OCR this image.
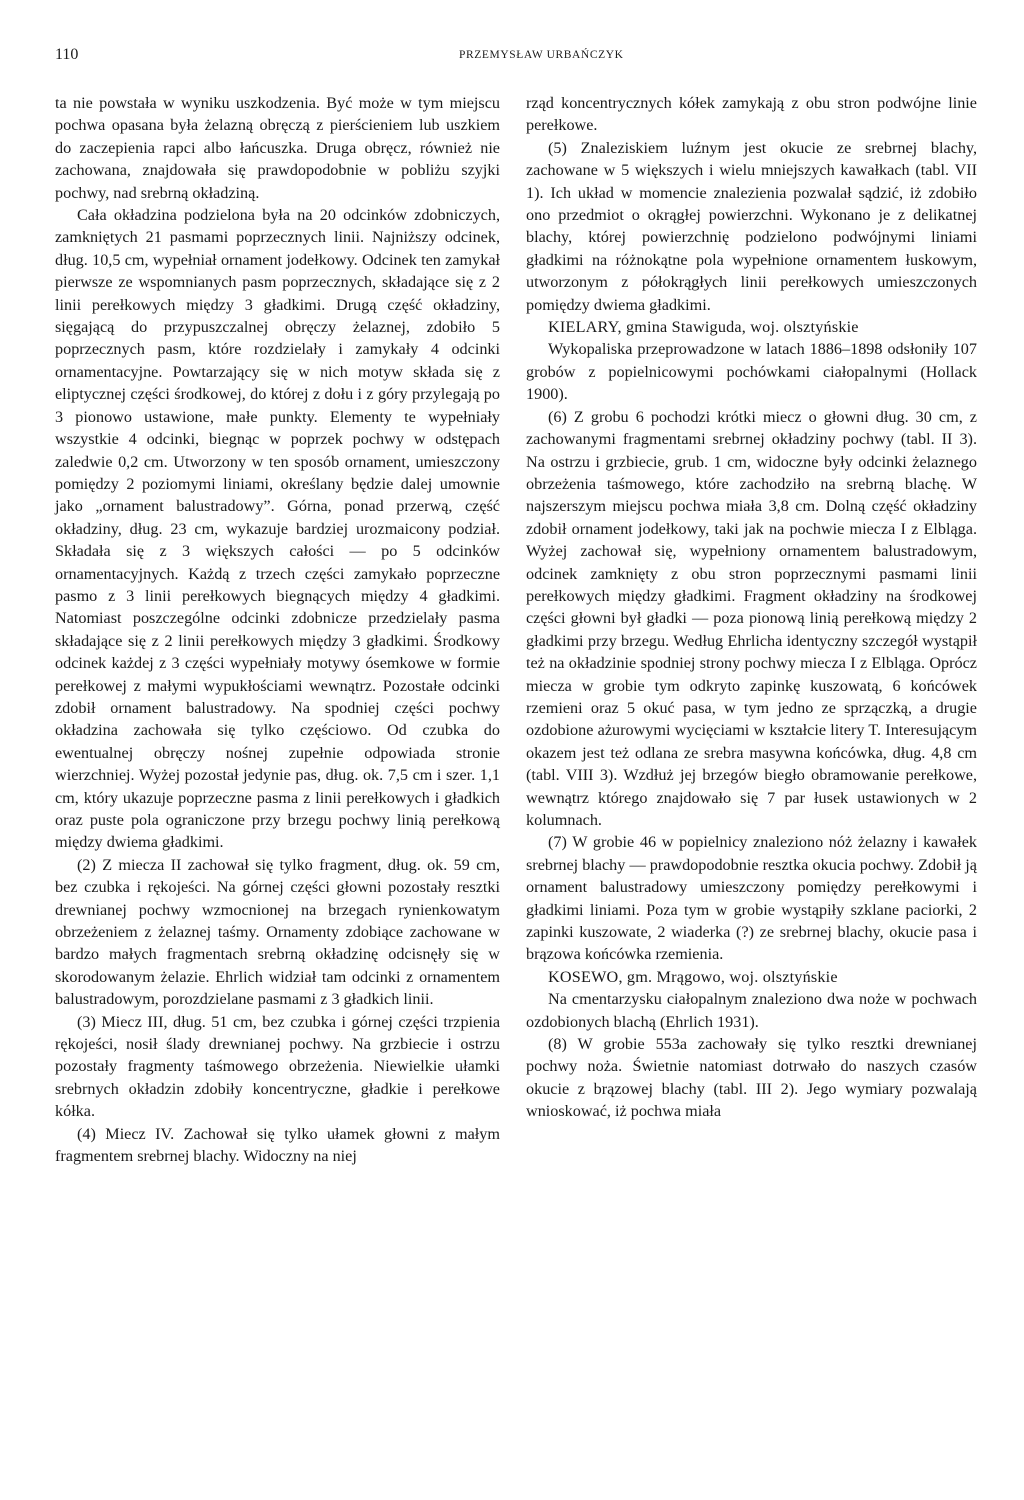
110	PRZEMYSŁAW URBAŃCZYK

ta nie powstała w wyniku uszkodzenia. Być może w tym miejscu pochwa opasana była żelazną obręczą z pierścieniem lub uszkiem do zaczepienia rapci albo łańcuszka. Druga obręcz, również nie zachowana, znajdowała się prawdopodobnie w pobliżu szyjki pochwy, nad srebrną okładziną.

Cała okładzina podzielona była na 20 odcinków zdobniczych, zamkniętych 21 pasmami poprzecznych linii. Najniższy odcinek, dług. 10,5 cm, wypełniał ornament jodełkowy. Odcinek ten zamykał pierwsze ze wspomnianych pasm poprzecznych, składające się z 2 linii perełkowych między 3 gładkimi. Drugą część okładziny, sięgającą do przypuszczalnej obręczy żelaznej, zdobiło 5 poprzecznych pasm, które rozdzielały i zamykały 4 odcinki ornamentacyjne. Powtarzający się w nich motyw składa się z eliptycznej części środkowej, do której z dołu i z góry przylegają po 3 pionowo ustawione, małe punkty. Elementy te wypełniały wszystkie 4 odcinki, biegnąc w poprzek pochwy w odstępach zaledwie 0,2 cm. Utworzony w ten sposób ornament, umieszczony pomiędzy 2 poziomymi liniami, określany będzie dalej umownie jako „ornament balustradowy”. Górna, ponad przerwą, część okładziny, dług. 23 cm, wykazuje bardziej urozmaicony podział. Składała się z 3 większych całości — po 5 odcinków ornamentacyjnych. Każdą z trzech części zamykało poprzeczne pasmo z 3 linii perełkowych biegnących między 4 gładkimi. Natomiast poszczególne odcinki zdobnicze przedzielały pasma składające się z 2 linii perełkowych między 3 gładkimi. Środkowy odcinek każdej z 3 części wypełniały motywy ósemkowe w formie perełkowej z małymi wypukłościami wewnątrz. Pozostałe odcinki zdobił ornament balustradowy. Na spodniej części pochwy okładzina zachowała się tylko częściowo. Od czubka do ewentualnej obręczy nośnej zupełnie odpowiada stronie wierzchniej. Wyżej pozostał jedynie pas, dług. ok. 7,5 cm i szer. 1,1 cm, który ukazuje poprzeczne pasma z linii perełkowych i gładkich oraz puste pola ograniczone przy brzegu pochwy linią perełkową między dwiema gładkimi.

(2) Z miecza II zachował się tylko fragment, dług. ok. 59 cm, bez czubka i rękojeści. Na górnej części głowni pozostały resztki drewnianej pochwy wzmocnionej na brzegach rynienkowatym obrzeżeniem z żelaznej taśmy. Ornamenty zdobiące zachowane w bardzo małych fragmentach srebrną okładzinę odcisnęły się w skorodowanym żelazie. Ehrlich widział tam odcinki z ornamentem balustradowym, porozdzielane pasmami z 3 gładkich linii.

(3) Miecz III, dług. 51 cm, bez czubka i górnej części trzpienia rękojeści, nosił ślady drewnianej pochwy. Na grzbiecie i ostrzu pozostały fragmenty taśmowego obrzeżenia. Niewielkie ułamki srebrnych okładzin zdobiły koncentryczne, gładkie i perełkowe kółka.

(4) Miecz IV. Zachował się tylko ułamek głowni z małym fragmentem srebrnej blachy. Widoczny na niej

rząd koncentrycznych kółek zamykają z obu stron podwójne linie perełkowe.

(5) Znaleziskiem luźnym jest okucie ze srebrnej blachy, zachowane w 5 większych i wielu mniejszych kawałkach (tabl. VII 1). Ich układ w momencie znalezienia pozwalał sądzić, iż zdobiło ono przedmiot o okrągłej powierzchni. Wykonano je z delikatnej blachy, której powierzchnię podzielono podwójnymi liniami gładkimi na różnokątne pola wypełnione ornamentem łuskowym, utworzonym z półokrągłych linii perełkowych umieszczonych pomiędzy dwiema gładkimi.

KIELARY, gmina Stawiguda, woj. olsztyńskie

Wykopaliska przeprowadzone w latach 1886–1898 odsłoniły 107 grobów z popielnicowymi pochówkami ciałopalnymi (Hollack 1900).

(6) Z grobu 6 pochodzi krótki miecz o głowni dług. 30 cm, z zachowanymi fragmentami srebrnej okładziny pochwy (tabl. II 3). Na ostrzu i grzbiecie, grub. 1 cm, widoczne były odcinki żelaznego obrzeżenia taśmowego, które zachodziło na srebrną blachę. W najszerszym miejscu pochwa miała 3,8 cm. Dolną część okładziny zdobił ornament jodełkowy, taki jak na pochwie miecza I z Elbląga. Wyżej zachował się, wypełniony ornamentem balustradowym, odcinek zamknięty z obu stron poprzecznymi pasmami linii perełkowych między gładkimi. Fragment okładziny na środkowej części głowni był gładki — poza pionową linią perełkową między 2 gładkimi przy brzegu. Według Ehrlicha identyczny szczegół wystąpił też na okładzinie spodniej strony pochwy miecza I z Elbląga. Oprócz miecza w grobie tym odkryto zapinkę kuszowatą, 6 końcówek rzemieni oraz 5 okuć pasa, w tym jedno ze sprzączką, a drugie ozdobione ażurowymi wycięciami w kształcie litery T. Interesującym okazem jest też odlana ze srebra masywna końcówka, dług. 4,8 cm (tabl. VIII 3). Wzdłuż jej brzegów biegło obramowanie perełkowe, wewnątrz którego znajdowało się 7 par łusek ustawionych w 2 kolumnach.

(7) W grobie 46 w popielnicy znaleziono nóż żelazny i kawałek srebrnej blachy — prawdopodobnie resztka okucia pochwy. Zdobił ją ornament balustradowy umieszczony pomiędzy perełkowymi i gładkimi liniami. Poza tym w grobie wystąpiły szklane paciorki, 2 zapinki kuszowate, 2 wiaderka (?) ze srebrnej blachy, okucie pasa i brązowa końcówka rzemienia.

KOSEWO, gm. Mrągowo, woj. olsztyńskie

Na cmentarzysku ciałopalnym znaleziono dwa noże w pochwach ozdobionych blachą (Ehrlich 1931).

(8) W grobie 553a zachowały się tylko resztki drewnianej pochwy noża. Świetnie natomiast dotrwało do naszych czasów okucie z brązowej blachy (tabl. III 2). Jego wymiary pozwalają wnioskować, iż pochwa miała
